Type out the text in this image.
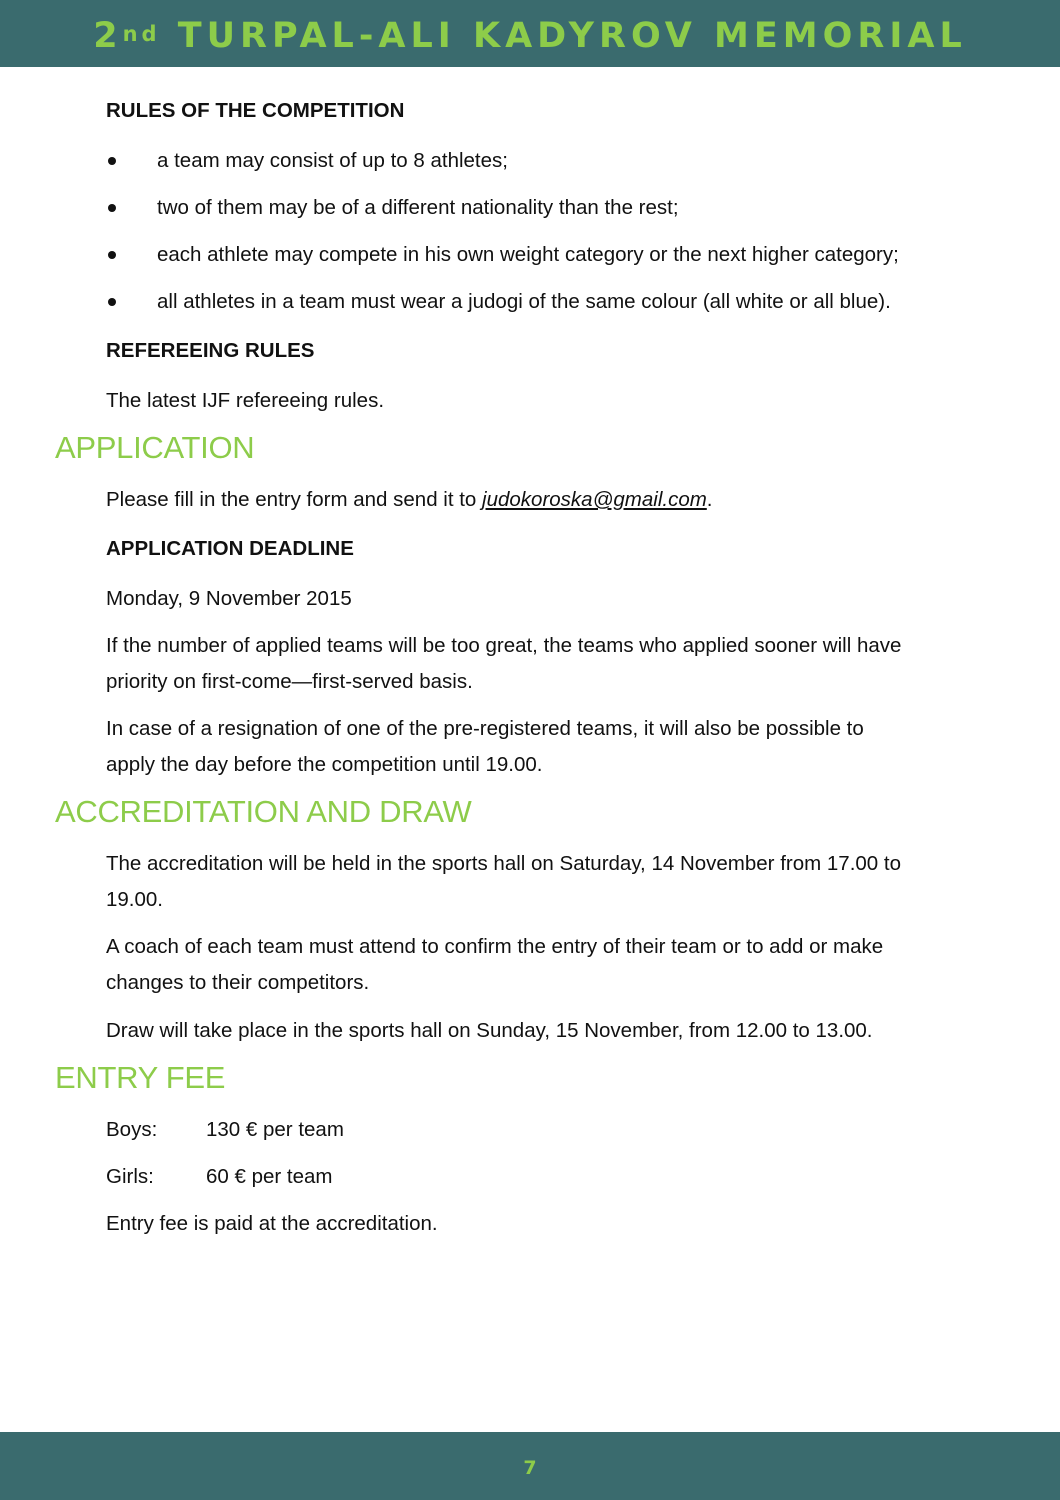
2nd TURPAL-ALI KADYROV MEMORIAL
RULES OF THE COMPETITION
a team may consist of up to 8 athletes;
two of them may be of a different nationality than the rest;
each athlete may compete in his own weight category or the next higher category;
all athletes in a team must wear a judogi of the same colour (all white or all blue).
REFEREEING RULES
The latest IJF refereeing rules.
APPLICATION
Please fill in the entry form and send it to judokoroska@gmail.com.
APPLICATION DEADLINE
Monday, 9 November 2015
If the number of applied teams will be too great, the teams who applied sooner will have
priority on first-come—first-served basis.
In case of a resignation of one of the pre-registered teams, it will also be possible to
apply the day before the competition until 19.00.
ACCREDITATION AND DRAW
The accreditation will be held in the sports hall on Saturday, 14 November from 17.00 to
19.00.
A coach of each team must attend to confirm the entry of their team or to add or make
changes to their competitors.
Draw will take place in the sports hall on Sunday, 15 November, from 12.00 to 13.00.
ENTRY FEE
Boys: 130 € per team
Girls:	60 € per team
Entry fee is paid at the accreditation.
7
